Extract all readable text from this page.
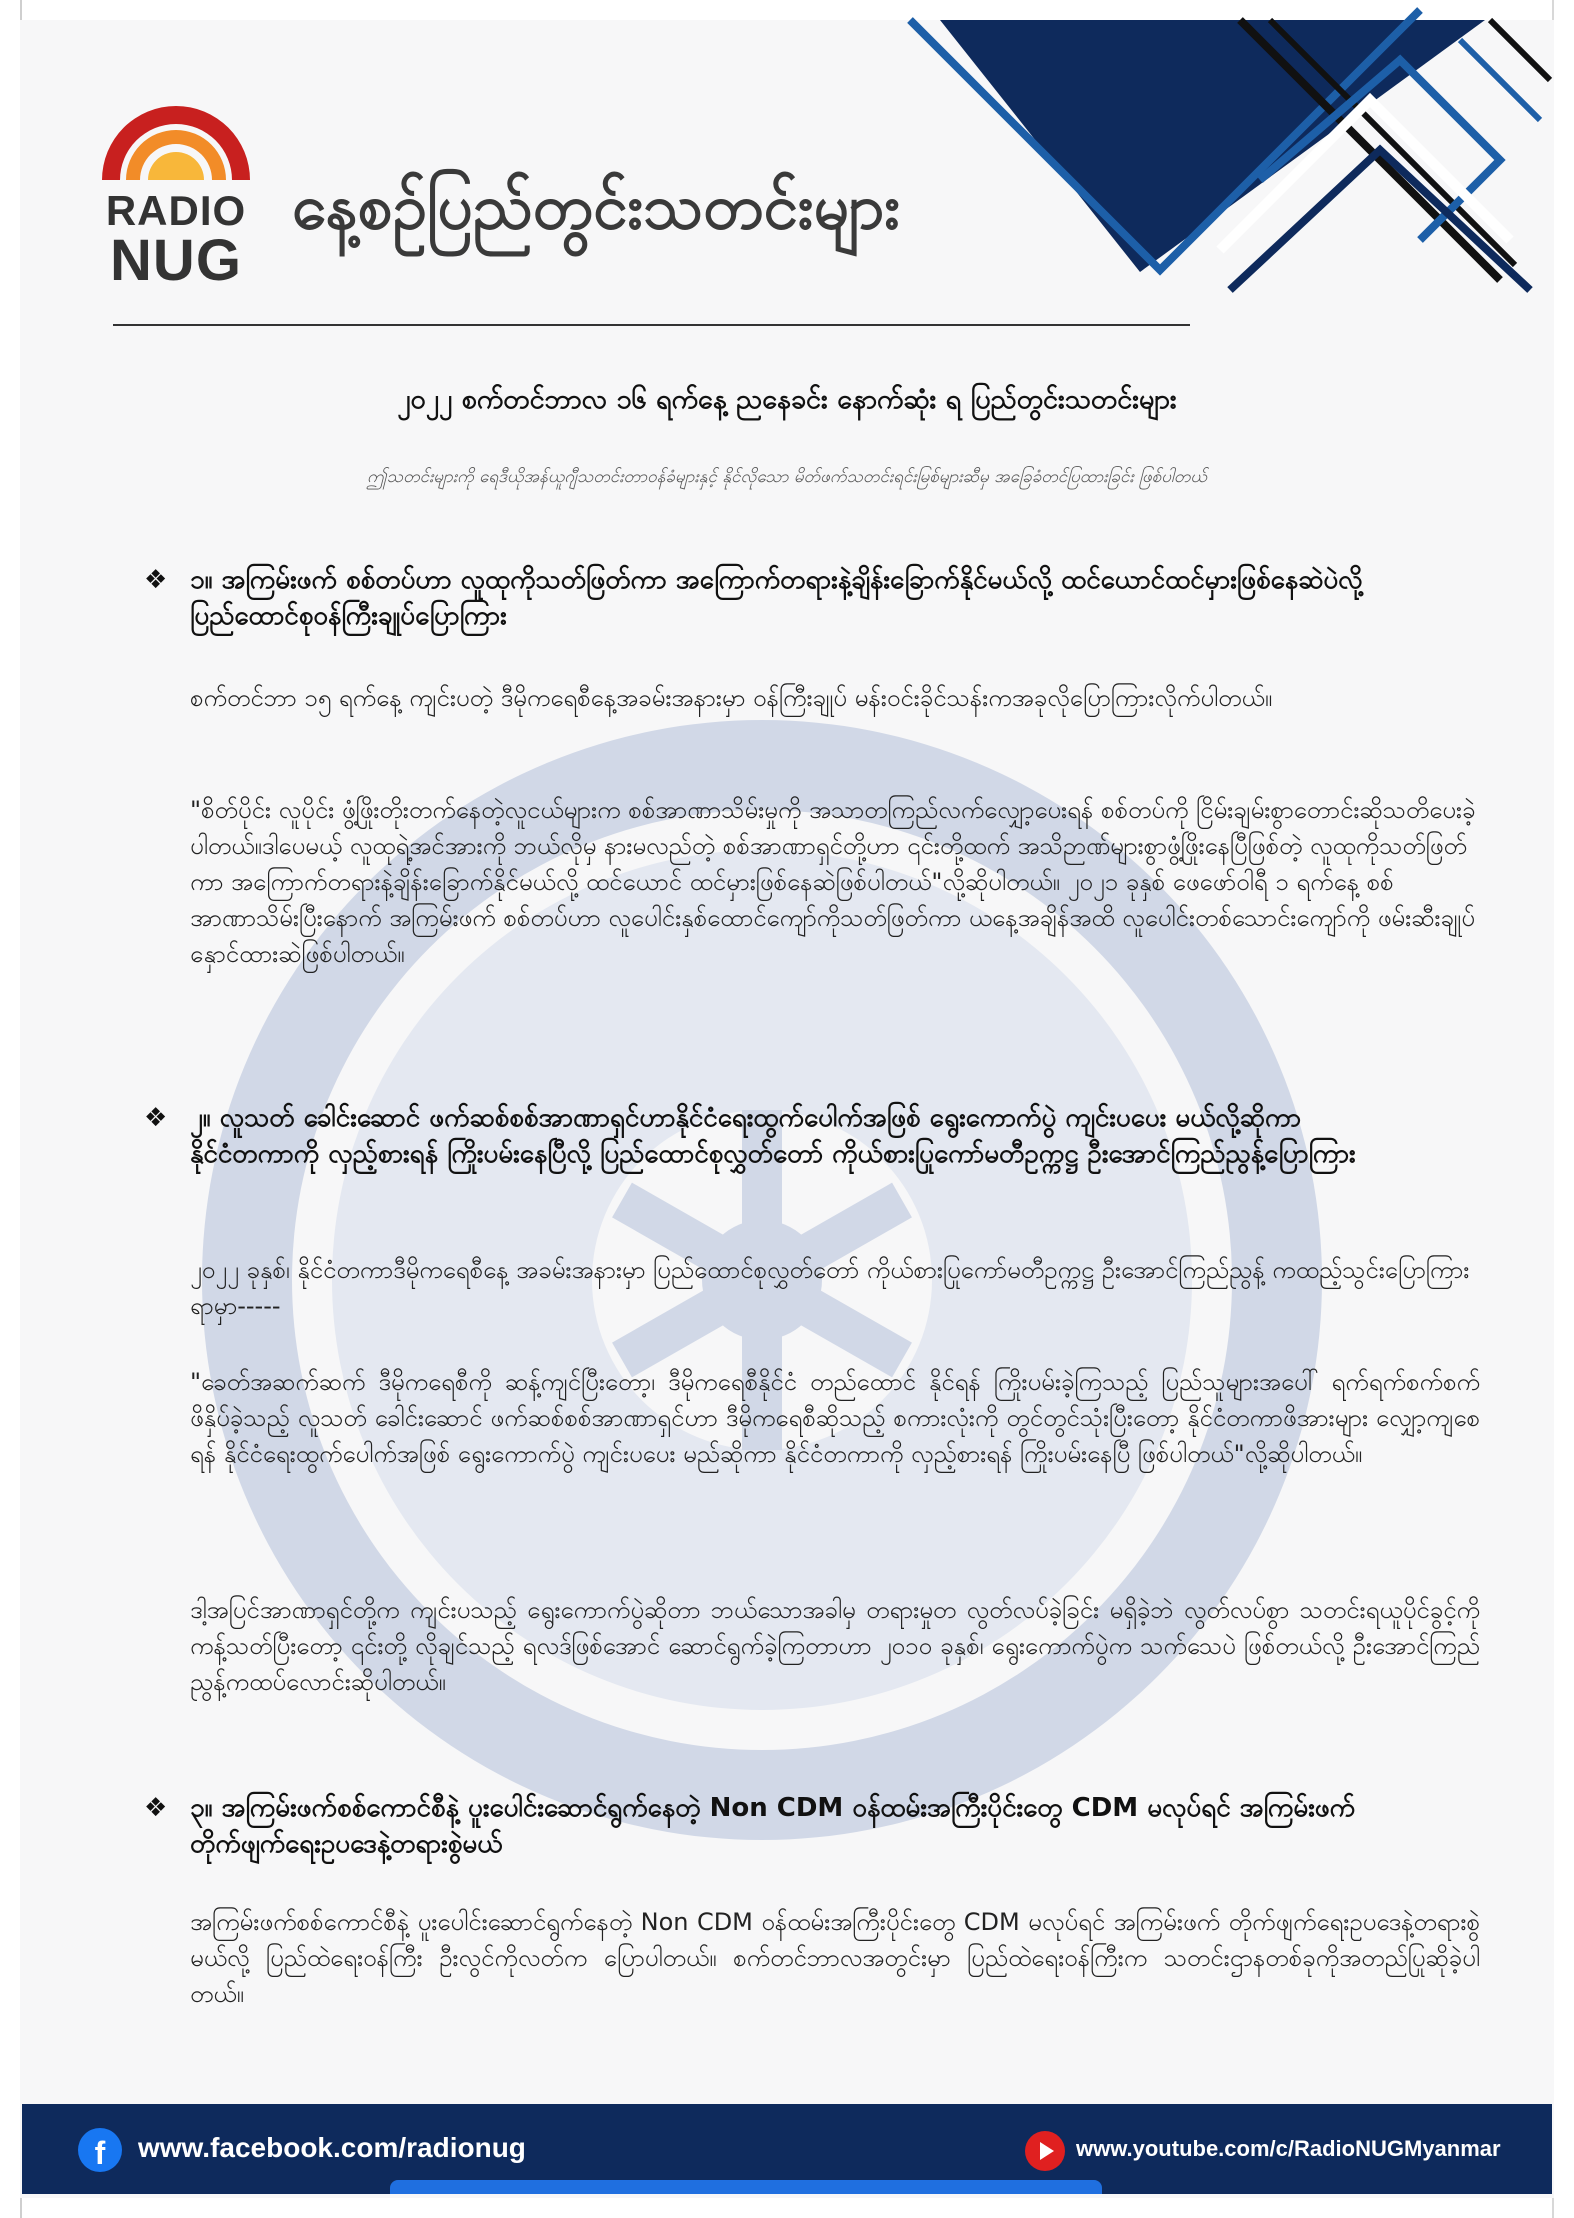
RADIO
NUG
နေ့စဉ်ပြည်တွင်းသတင်းများ
၂၀၂၂ စက်တင်ဘာလ ၁၆ ရက်နေ့ ညနေခင်း နောက်ဆုံး ရ ပြည်တွင်းသတင်းများ
ဤသတင်းများကို ရေဒီယိုအန်ယူဂျီသတင်းတာဝန်ခံများနှင့် နိုင်လိုသော မိတ်ဖက်သတင်းရင်းမြစ်များဆီမှ အခြေခံတင်ပြထားခြင်း ဖြစ်ပါတယ်
❖ ၁။ အကြမ်းဖက် စစ်တပ်ဟာ လူထုကိုသတ်ဖြတ်ကာ အကြောက်တရားနဲ့ချိန်းခြောက်နိုင်မယ်လို့ ထင်ယောင်ထင်မှားဖြစ်နေဆဲပဲလို့ ပြည်ထောင်စုဝန်ကြီးချုပ်ပြောကြား
စက်တင်ဘာ ၁၅ ရက်နေ့ ကျင်းပတဲ့ ဒီမိုကရေစီနေ့အခမ်းအနားမှာ ဝန်ကြီးချုပ် မန်းဝင်းခိုင်သန်းကအခုလိုပြောကြားလိုက်ပါတယ်။
"စိတ်ပိုင်း လူပိုင်း ဖွံ့ဖြိုးတိုးတက်နေတဲ့လူငယ်များက စစ်အာဏာသိမ်းမှုကို အသာတကြည်လက်လျှော့ပေးရန် စစ်တပ်ကို ငြိမ်းချမ်းစွာတောင်းဆိုသတိပေးခဲ့ပါတယ်။ဒါပေမယ့် လူထုရဲ့အင်အားကို ဘယ်လိုမှ နားမလည်တဲ့ စစ်အာဏာရှင်တို့ဟာ ၎င်းတို့ထက် အသိဉာဏ်များစွာဖွံ့ဖြိုးနေပြီဖြစ်တဲ့ လူထုကိုသတ်ဖြတ်ကာ အကြောက်တရားနဲ့ချိန်းခြောက်နိုင်မယ်လို့ ထင်ယောင် ထင်မှားဖြစ်နေဆဲဖြစ်ပါတယ်"လို့ဆိုပါတယ်။ ၂၀၂၁ ခုနှစ် ဖေဖော်ဝါရီ ၁ ရက်နေ့ စစ်အာဏာသိမ်းပြီးနောက် အကြမ်းဖက် စစ်တပ်ဟာ လူပေါင်းနှစ်ထောင်ကျော်ကိုသတ်ဖြတ်ကာ ယနေ့အချိန်အထိ လူပေါင်းတစ်သောင်းကျော်ကို ဖမ်းဆီးချုပ်နှောင်ထားဆဲဖြစ်ပါတယ်။
❖ ၂။ လူသတ် ခေါင်းဆောင် ဖက်ဆစ်စစ်အာဏာရှင်ဟာနိုင်ငံရေးထွက်ပေါက်အဖြစ် ရွေးကောက်ပွဲ ကျင်းပပေး မယ်လို့ဆိုကာ နိုင်ငံတကာကို လှည့်စားရန် ကြိုးပမ်းနေပြီလို့ ပြည်ထောင်စုလွှတ်တော် ကိုယ်စားပြုကော်မတီဥက္ကဋ္ဌ ဦးအောင်ကြည်ညွန့်ပြောကြား
၂၀၂၂ ခုနှစ်၊ နိုင်ငံတကာဒီမိုကရေစီနေ့ အခမ်းအနားမှာ ပြည်ထောင်စုလွှတ်တော် ကိုယ်စားပြုကော်မတီဥက္ကဋ္ဌ ဦးအောင်ကြည်ညွန့် ကထည့်သွင်းပြောကြားရာမှာ-----
"ခေတ်အဆက်ဆက် ဒီမိုကရေစီကို ဆန့်ကျင်ပြီးတော့၊ ဒီမိုကရေစီနိုင်ငံ တည်ထောင် နိုင်ရန် ကြိုးပမ်းခဲ့ကြသည့် ပြည်သူများအပေါ် ရက်ရက်စက်စက် ဖိနှိပ်ခဲ့သည့် လူသတ် ခေါင်းဆောင် ဖက်ဆစ်စစ်အာဏာရှင်ဟာ ဒီမိုကရေစီဆိုသည့် စကားလုံးကို တွင်တွင်သုံးပြီးတော့ နိုင်ငံတကာဖိအားများ လျှော့ကျစေရန် နိုင်ငံရေးထွက်ပေါက်အဖြစ် ရွေးကောက်ပွဲ ကျင်းပပေး မည်ဆိုကာ နိုင်ငံတကာကို လှည့်စားရန် ကြိုးပမ်းနေပြီ ဖြစ်ပါတယ်"လို့ဆိုပါတယ်။
ဒါ့အပြင်အာဏာရှင်တို့က ကျင်းပသည့် ရွေးကောက်ပွဲဆိုတာ ဘယ်သောအခါမှ တရားမှုတ လွတ်လပ်ခဲ့ခြင်း မရှိခဲ့ဘဲ လွတ်လပ်စွာ သတင်းရယူပိုင်ခွင့်ကို ကန့်သတ်ပြီးတော့ ၎င်းတို့ လိုချင်သည့် ရလဒ်ဖြစ်အောင် ဆောင်ရွက်ခဲ့ကြတာဟာ ၂၀၁၀ ခုနှစ်၊ ရွေးကောက်ပွဲက သက်သေပဲ ဖြစ်တယ်လို့ ဦးအောင်ကြည်ညွန့်ကထပ်လောင်းဆိုပါတယ်။
❖ ၃။ အကြမ်းဖက်စစ်ကောင်စီနဲ့ ပူးပေါင်းဆောင်ရွက်နေတဲ့ Non CDM ဝန်ထမ်းအကြီးပိုင်းတွေ CDM မလုပ်ရင် အကြမ်းဖက် တိုက်ဖျက်ရေးဥပဒေနဲ့တရားစွဲမယ်
အကြမ်းဖက်စစ်ကောင်စီနဲ့ ပူးပေါင်းဆောင်ရွက်နေတဲ့ Non CDM ဝန်ထမ်းအကြီးပိုင်းတွေ CDM မလုပ်ရင် အကြမ်းဖက် တိုက်ဖျက်ရေးဥပဒေနဲ့တရားစွဲမယ်လို့ ပြည်ထဲရေးဝန်ကြီး ဦးလွင်ကိုလတ်က ပြောပါတယ်။ စက်တင်ဘာလအတွင်းမှာ ပြည်ထဲရေးဝန်ကြီးက သတင်းဌာနတစ်ခုကိုအတည်ပြုဆိုခဲ့ပါတယ်။
f	www.facebook.com/radionug	www.youtube.com/c/RadioNUGMyanmar
